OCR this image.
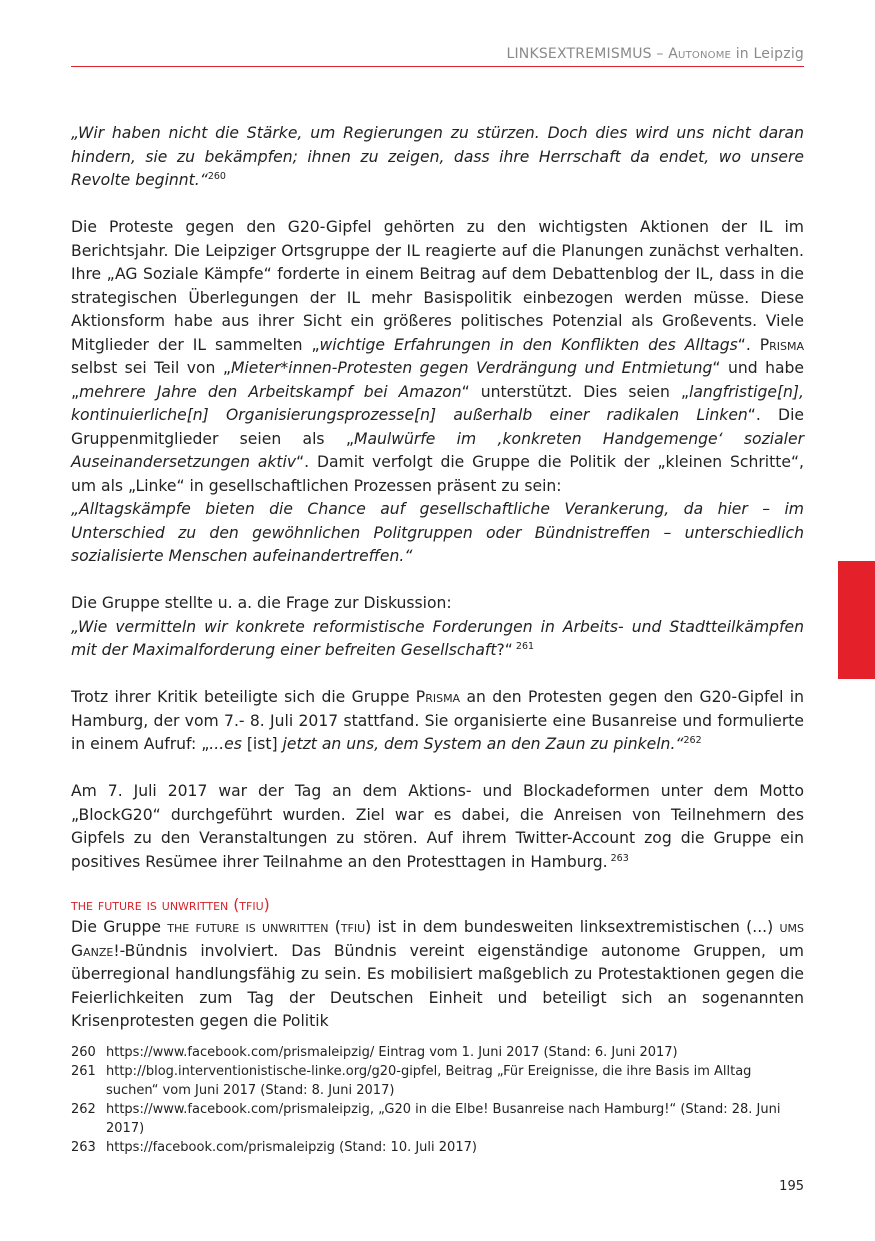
LINKSEXTREMISMUS – Autonome in Leipzig

„Wir haben nicht die Stärke, um Regierungen zu stürzen. Doch dies wird uns nicht daran hindern, sie zu bekämpfen; ihnen zu zeigen, dass ihre Herrschaft da endet, wo unsere Revolte beginnt.“$^{260}$

Die Proteste gegen den G20-Gipfel gehörten zu den wichtigsten Aktionen der IL im Berichtsjahr. Die Leipziger Ortsgruppe der IL reagierte auf die Planungen zunächst verhalten. Ihre „AG Soziale Kämpfe“ forderte in einem Beitrag auf dem Debattenblog der IL, dass in die strategischen Überlegungen der IL mehr Basispolitik einbezogen werden müsse. Diese Aktionsform habe aus ihrer Sicht ein größeres politisches Potenzial als Großevents. Viele Mitglieder der IL sammelten „wichtige Erfahrungen in den Konflikten des Alltags“. Prisma selbst sei Teil von „Mieter*innen-Protesten gegen Verdrängung und Entmietung“ und habe „mehrere Jahre den Arbeitskampf bei Amazon“ unterstützt. Dies seien „langfristige[n], kontinuierliche[n] Organisierungsprozesse[n] außerhalb einer radikalen Linken“. Die Gruppenmitglieder seien als „Maulwürfe im ‚konkreten Handgemenge‘ sozialer Auseinandersetzungen aktiv“. Damit verfolgt die Gruppe die Politik der „kleinen Schritte“, um als „Linke“ in gesellschaftlichen Prozessen präsent zu sein:

„Alltagskämpfe bieten die Chance auf gesellschaftliche Verankerung, da hier – im Unterschied zu den gewöhnlichen Politgruppen oder Bündnistreffen – unterschiedlich sozialisierte Menschen aufeinandertreffen.“

Die Gruppe stellte u. a. die Frage zur Diskussion:

„Wie vermitteln wir konkrete reformistische Forderungen in Arbeits- und Stadtteilkämpfen mit der Maximalforderung einer befreiten Gesellschaft?“ $^{261}$

Trotz ihrer Kritik beteiligte sich die Gruppe Prisma an den Protesten gegen den G20-Gipfel in Hamburg, der vom 7.- 8. Juli 2017 stattfand. Sie organisierte eine Busanreise und formulierte in einem Aufruf: „...es [ist] jetzt an uns, dem System an den Zaun zu pinkeln.“$^{262}$

Am 7. Juli 2017 war der Tag an dem Aktions- und Blockadeformen unter dem Motto „BlockG20“ durchgeführt wurden. Ziel war es dabei, die Anreisen von Teilnehmern des Gipfels zu den Veranstaltungen zu stören. Auf ihrem Twitter-Account zog die Gruppe ein positives Resümee ihrer Teilnahme an den Protesttagen in Hamburg. $^{263}$

the future is unwritten (tfiu)

Die Gruppe the future is unwritten (tfiu) ist in dem bundesweiten linksextremistischen (...) ums Ganze!-Bündnis involviert. Das Bündnis vereint eigenständige autonome Gruppen, um überregional handlungsfähig zu sein. Es mobilisiert maßgeblich zu Protestaktionen gegen die Feierlichkeiten zum Tag der Deutschen Einheit und beteiligt sich an sogenannten Krisenprotesten gegen die Politik

260 https://www.facebook.com/prismaleipzig/ Eintrag vom 1. Juni 2017 (Stand: 6. Juni 2017)
261 http://blog.interventionistische-linke.org/g20-gipfel, Beitrag „Für Ereignisse, die ihre Basis im Alltag suchen“ vom Juni 2017 (Stand: 8. Juni 2017)
262 https://www.facebook.com/prismaleipzig, „G20 in die Elbe! Busanreise nach Hamburg!“ (Stand: 28. Juni 2017)
263 https://facebook.com/prismaleipzig (Stand: 10. Juli 2017)
195
